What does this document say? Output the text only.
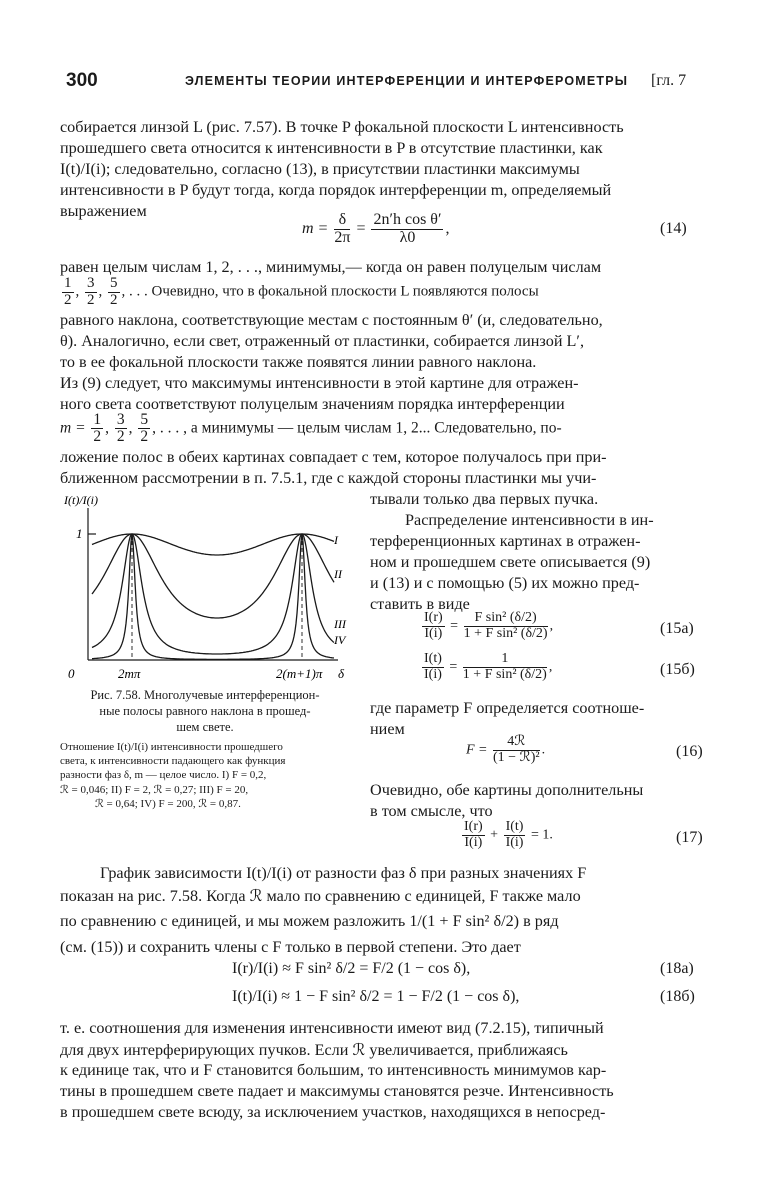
300	ЭЛЕМЕНТЫ ТЕОРИИ ИНТЕРФЕРЕНЦИИ И ИНТЕРФЕРОМЕТРЫ [гл. 7
собирается линзой L (рис. 7.57). В точке P фокальной плоскости L интенсивность
прошедшего света относится к интенсивности в P в отсутствие пластинки, как
I(t)/I(i); следовательно, согласно (13), в присутствии пластинки максимумы
интенсивности в P будут тогда, когда порядок интерференции m, определяемый
выражением
$m = \frac{\delta}{2\pi} = \frac{\text{2n′h cos θ′}}{\lambda 0}$ ,	(14)
равен целым числам 1, 2, . . ., минимумы,— когда он равен полуцелым числам
$\frac{1}{2}$ , $\frac{3}{2}$ , $\frac{5}{2}$ , . . . Очевидно, что в фокальной плоскости L появляются полосы
равного наклона, соответствующие местам с постоянным θ′ (и, следовательно,
θ). Аналогично, если свет, отраженный от пластинки, собирается линзой L′,
то в ее фокальной плоскости также появятся линии равного наклона.
Из (9) следует, что максимумы интенсивности в этой картине для отражен-
ного света соответствуют полуцелым значениям порядка интерференции
$m = \frac{1}{2}$ , $\frac{3}{2}$ , $\frac{5}{2}$ , . . . , а минимумы — целым числам 1, 2... Следовательно, по-
ложение полос в обеих картинах совпадает с тем, которое получалось при при-
ближенном рассмотрении в п. 7.5.1, где с каждой стороны пластинки мы учи-
тывали только два первых пучка.
I(t)/I(i)
1
0	2mπ	2(m+1)π δ
I
II
III
IV
Рис. 7.58. Многолучевые интерференцион-
ные полосы равного наклона в прошед-
шем свете.
Отношение I(t)/I(i) интенсивности прошедшего
света, к интенсивности падающего как функция
разности фаз δ, m — целое число. I) F = 0,2,
ℛ = 0,046; II) F = 2, ℛ = 0,27; III) F = 20,
ℛ = 0,64; IV) F = 200, ℛ = 0,87.
Распределение интенсивности в ин-
терференционных картинах в отражен-
ном и прошедшем свете описывается (9)
и (13) и с помощью (5) их можно пред-
ставить в виде
$\frac{I(r)}{I(i)} = \frac{\text{F sin² (δ/2)}}{\text{1 + F sin² (δ/2)}}$ ,	(15а)
$\frac{I(t)}{I(i)} = \frac{1}{\text{1 + F sin² (δ/2)}}$ ,	(15б)
где параметр F определяется соотноше-
нием
$F = \frac{\text{4ℛ}}{\text{(1 − ℛ)²}}$ .	(16)
Очевидно, обе картины дополнительны
в том смысле, что
$\frac{I(r)}{I(i)} + \frac{I(t)}{I(i)} = 1$.	(17)
График зависимости I(t)/I(i) от разности фаз δ при разных значениях F
показан на рис. 7.58. Когда ℛ мало по сравнению с единицей, F также мало
по сравнению с единицей, и мы можем разложить 1/(1 + F sin² δ/2) в ряд
(см. (15)) и сохранить члены с F только в первой степени. Это дает
I(r)/I(i) ≈ F sin² δ/2 = F/2 (1 − cos δ),	(18а)
I(t)/I(i) ≈ 1 − F sin² δ/2 = 1 − F/2 (1 − cos δ),	(18б)
т. е. соотношения для изменения интенсивности имеют вид (7.2.15), типичный
для двух интерферирующих пучков. Если ℛ увеличивается, приближаясь
к единице так, что и F становится большим, то интенсивность минимумов кар-
тины в прошедшем свете падает и максимумы становятся резче. Интенсивность
в прошедшем свете всюду, за исключением участков, находящихся в непосред-
